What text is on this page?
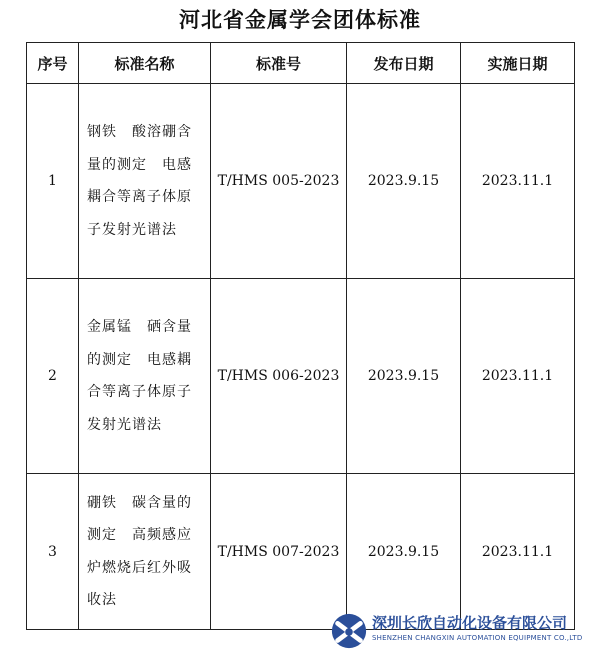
河北省金属学会团体标准
序号	标准名称	标准号	发布日期	实施日期
1	钢铁　酸溶硼含量的测定　电感耦合等离子体原子发射光谱法	T/HMS 005-2023	2023.9.15	2023.11.1
2	金属锰　硒含量的测定　电感耦合等离子体原子发射光谱法	T/HMS 006-2023	2023.9.15	2023.11.1
3	硼铁　碳含量的测定　高频感应炉燃烧后红外吸收法	T/HMS 007-2023	2023.9.15	2023.11.1
深圳长欣自动化设备有限公司
SHENZHEN CHANGXIN AUTOMATION EQUIPMENT CO.,LTD
